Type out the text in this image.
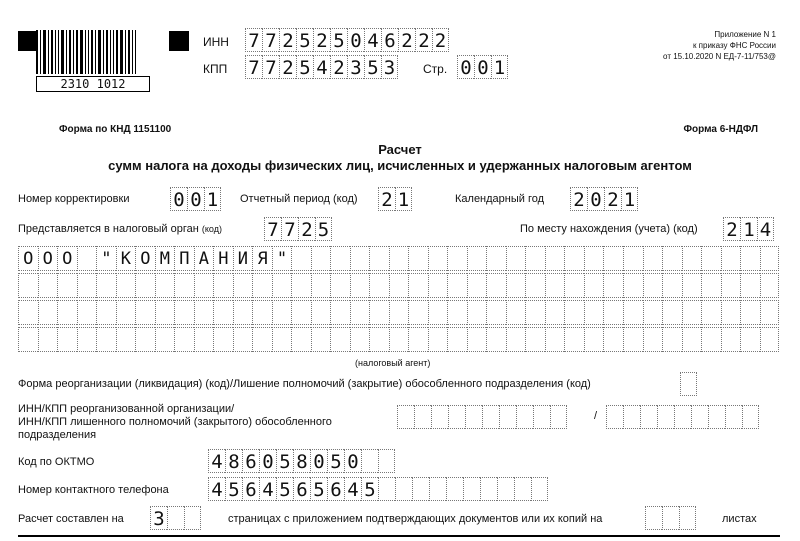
2310 1012
ИНН 7 7 2 5 2 5 0 4 6 2 2 2
КПП 7 7 2 5 4 2 3 5 3 Стр. 0 0 1
Приложение N 1
к приказу ФНС России
от 15.10.2020 N ЕД-7-11/753@
Форма по КНД 1151100	Форма 6-НДФЛ
Расчет
сумм налога на доходы физических лиц, исчисленных и удержанных налоговым агентом
Номер корректировки 0 0 1 Отчетный период (код) 2 1	Календарный год 2 0 2 1
Представляется в налоговый орган (код) 7 7 2 5	По месту нахождения (учета) (код) 2 1 4
О О О	" К О М П А Н И Я "
(налоговый агент)
Форма реорганизации (ликвидация) (код)/Лишение полномочий (закрытие) обособленного подразделения (код)
ИНН/КПП реорганизованной организации/
ИНН/КПП лишенного полномочий (закрытого) обособленного
подразделения
/
Код по ОКТМО	4 8 6 0 5 8 0 5 0
Номер контактного телефона 4 5 6 4 5 6 5 6 4 5
Расчет составлен на 3	страницах с приложением подтверждающих документов или их копий на	листах
